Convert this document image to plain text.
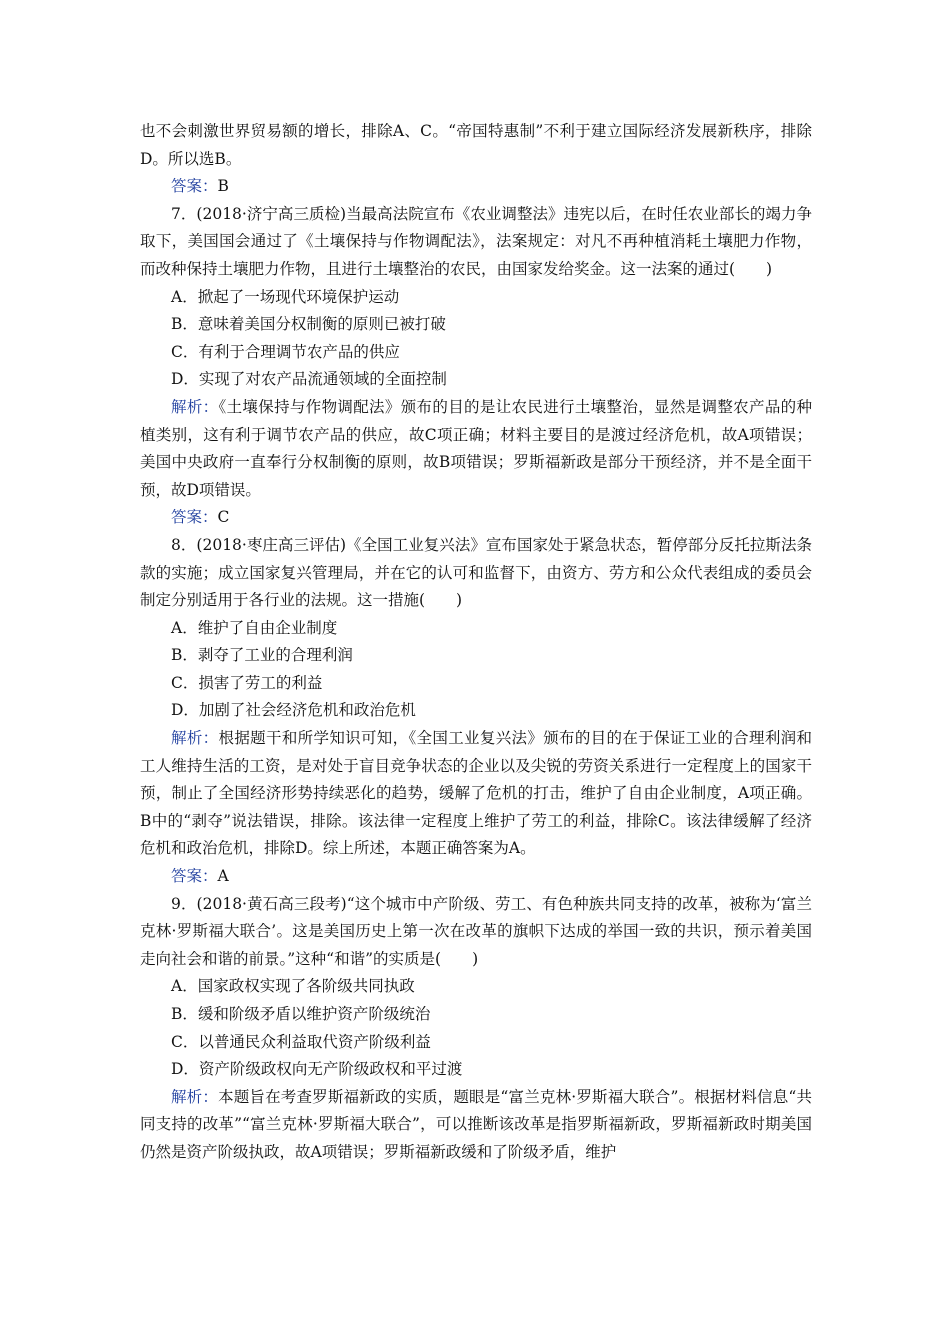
也不会刺激世界贸易额的增长，排除A、C。“帝国特惠制”不利于建立国际经济发展新秩序，排除D。所以选B。

答案：B

7．(2018·济宁高三质检)当最高法院宣布《农业调整法》违宪以后，在时任农业部长的竭力争取下，美国国会通过了《土壤保持与作物调配法》，法案规定：对凡不再种植消耗土壤肥力作物，而改种保持土壤肥力作物，且进行土壤整治的农民，由国家发给奖金。这一法案的通过(　　)

A．掀起了一场现代环境保护运动

B．意味着美国分权制衡的原则已被打破

C．有利于合理调节农产品的供应

D．实现了对农产品流通领域的全面控制

解析：《土壤保持与作物调配法》颁布的目的是让农民进行土壤整治，显然是调整农产品的种植类别，这有利于调节农产品的供应，故C项正确；材料主要目的是渡过经济危机，故A项错误；美国中央政府一直奉行分权制衡的原则，故B项错误；罗斯福新政是部分干预经济，并不是全面干预，故D项错误。

答案：C

8．(2018·枣庄高三评估)《全国工业复兴法》宣布国家处于紧急状态，暂停部分反托拉斯法条款的实施；成立国家复兴管理局，并在它的认可和监督下，由资方、劳方和公众代表组成的委员会制定分别适用于各行业的法规。这一措施(　　)

A．维护了自由企业制度

B．剥夺了工业的合理利润

C．损害了劳工的利益

D．加剧了社会经济危机和政治危机

解析：根据题干和所学知识可知，《全国工业复兴法》颁布的目的在于保证工业的合理利润和工人维持生活的工资，是对处于盲目竞争状态的企业以及尖锐的劳资关系进行一定程度上的国家干预，制止了全国经济形势持续恶化的趋势，缓解了危机的打击，维护了自由企业制度，A项正确。B中的“剥夺”说法错误，排除。该法律一定程度上维护了劳工的利益，排除C。该法律缓解了经济危机和政治危机，排除D。综上所述，本题正确答案为A。

答案：A

9．(2018·黄石高三段考)“这个城市中产阶级、劳工、有色种族共同支持的改革，被称为‘富兰克林·罗斯福大联合’。这是美国历史上第一次在改革的旗帜下达成的举国一致的共识，预示着美国走向社会和谐的前景。”这种“和谐”的实质是(　　)

A．国家政权实现了各阶级共同执政

B．缓和阶级矛盾以维护资产阶级统治

C．以普通民众利益取代资产阶级利益

D．资产阶级政权向无产阶级政权和平过渡

解析：本题旨在考查罗斯福新政的实质，题眼是“富兰克林·罗斯福大联合”。根据材料信息“共同支持的改革”“富兰克林·罗斯福大联合”，可以推断该改革是指罗斯福新政，罗斯福新政时期美国仍然是资产阶级执政，故A项错误；罗斯福新政缓和了阶级矛盾，维护
